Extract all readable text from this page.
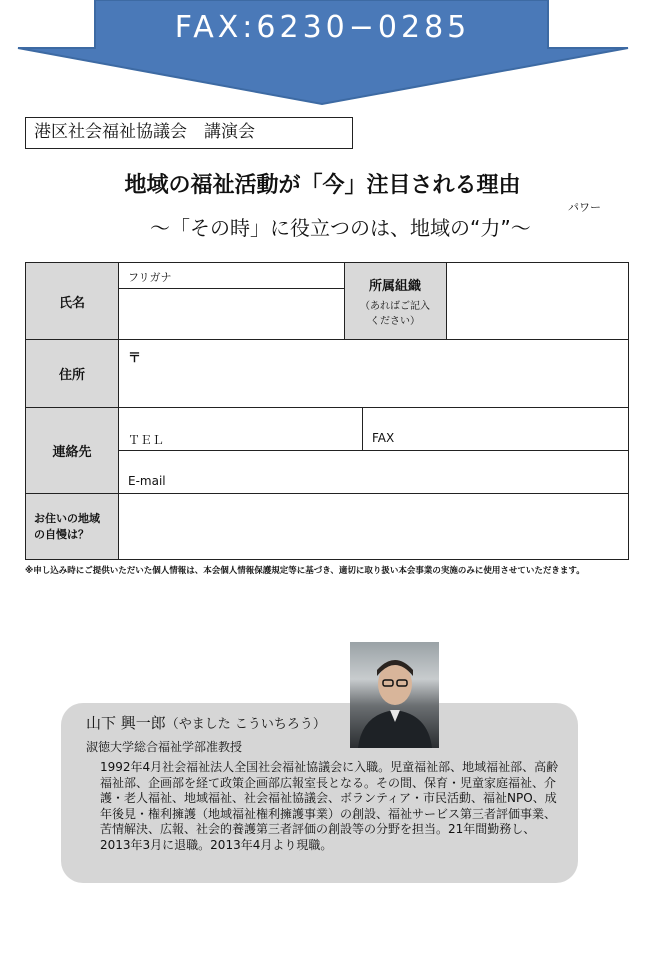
FAX:6230−0285
港区社会福祉協議会　講演会
地域の福祉活動が「今」注目される理由
パワー
～「その時」に役立つのは、地域の“力”～
氏名
フリガナ
所属組織
（あればご記入
ください）
住所
〒
連絡先
ＴＥＬ	FAX
E-mail
お住いの地域
の自慢は？
※申し込み時にご提供いただいた個人情報は、本会個人情報保護規定等に基づき、適切に取り扱い本会事業の実施のみに使用させていただきます。
山下 興一郎（やました こういちろう）
淑徳大学総合福祉学部准教授
1992年4月社会福祉法人全国社会福祉協議会に入職。児童福祉部、地域福祉部、高齢福祉部、企画部を経て政策企画部広報室長となる。その間、保育・児童家庭福祉、介護・老人福祉、地域福祉、社会福祉協議会、ボランティア・市民活動、福祉NPO、成年後見・権利擁護（地域福祉権利擁護事業）の創設、福祉サービス第三者評価事業、苦情解決、広報、社会的養護第三者評価の創設等の分野を担当。21年間勤務し、2013年3月に退職。2013年4月より現職。
